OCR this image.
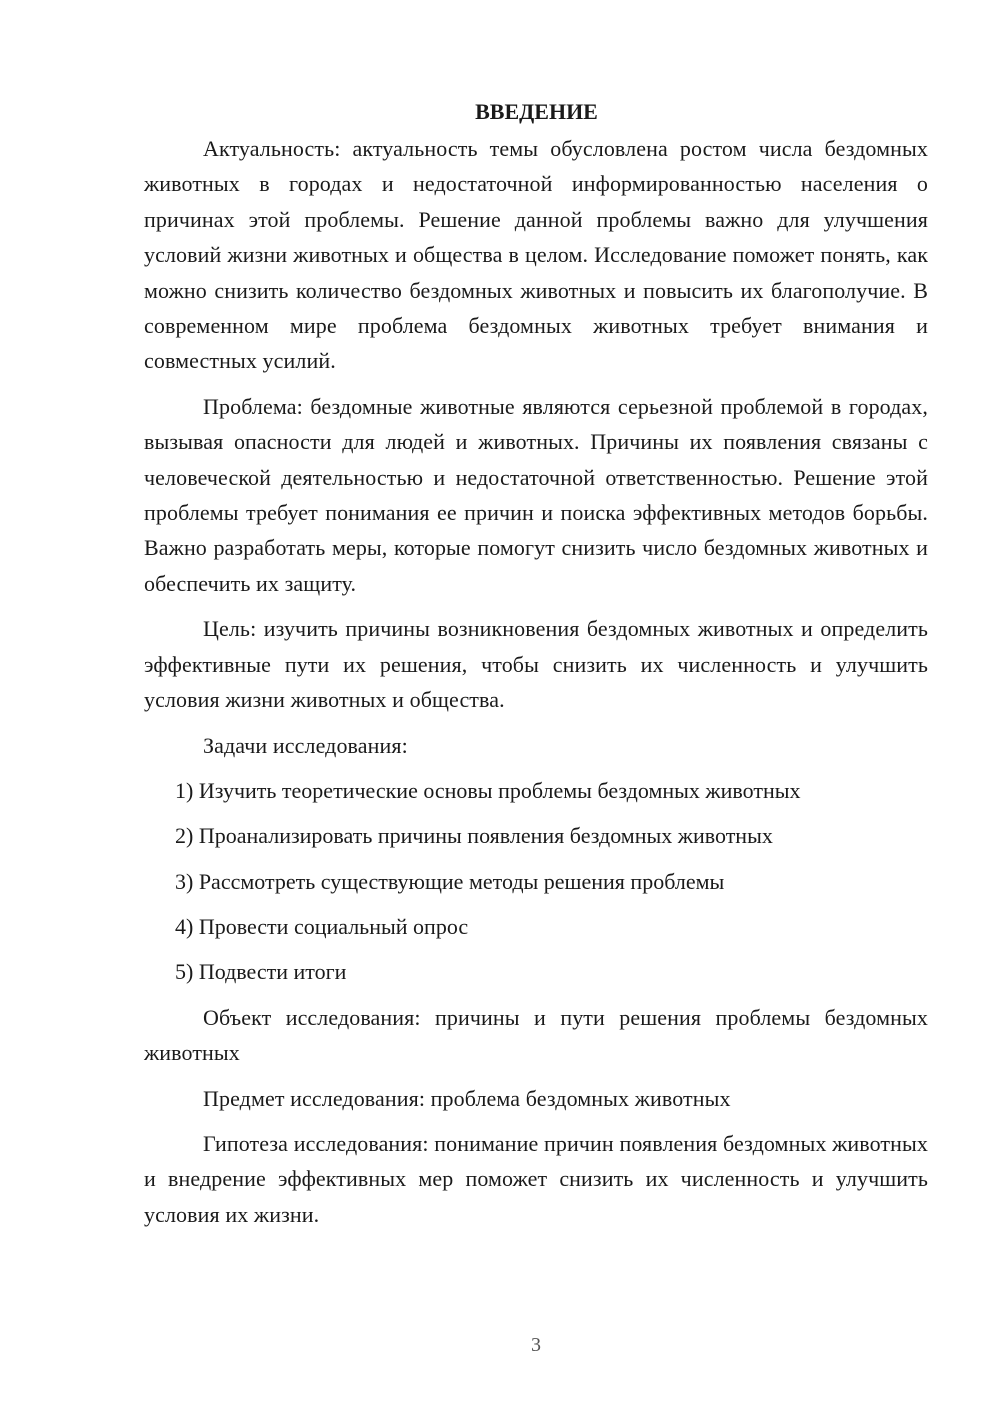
ВВЕДЕНИЕ

Актуальность: актуальность темы обусловлена ростом числа бездомных животных в городах и недостаточной информированностью населения о причинах этой проблемы. Решение данной проблемы важно для улучшения условий жизни животных и общества в целом. Исследование поможет понять, как можно снизить количество бездомных животных и повысить их благополучие. В современном мире проблема бездомных животных требует внимания и совместных усилий.

Проблема: бездомные животные являются серьезной проблемой в городах, вызывая опасности для людей и животных. Причины их появления связаны с человеческой деятельностью и недостаточной ответственностью. Решение этой проблемы требует понимания ее причин и поиска эффективных методов борьбы. Важно разработать меры, которые помогут снизить число бездомных животных и обеспечить их защиту.

Цель: изучить причины возникновения бездомных животных и определить эффективные пути их решения, чтобы снизить их численность и улучшить условия жизни животных и общества.

Задачи исследования:

1) Изучить теоретические основы проблемы бездомных животных
2) Проанализировать причины появления бездомных животных
3) Рассмотреть существующие методы решения проблемы
4) Провести социальный опрос
5) Подвести итоги

Объект исследования: причины и пути решения проблемы бездомных животных

Предмет исследования: проблема бездомных животных

Гипотеза исследования: понимание причин появления бездомных животных и внедрение эффективных мер поможет снизить их численность и улучшить условия их жизни.

3
